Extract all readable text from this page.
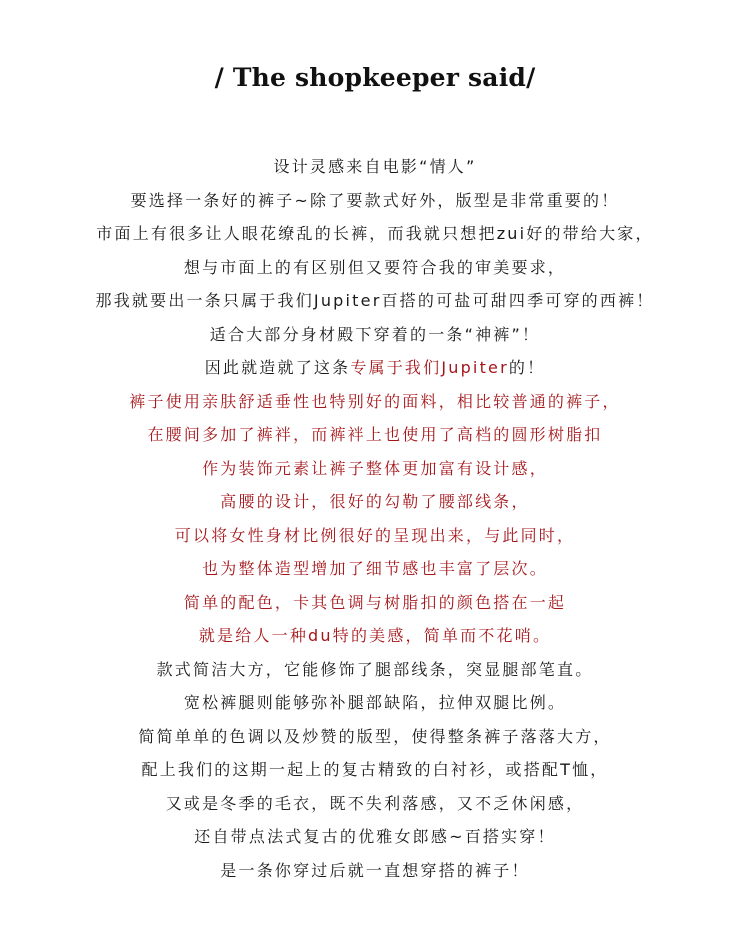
/ The shopkeeper said/
设计灵感来自电影“情人”
要选择一条好的裤子~除了要款式好外，版型是非常重要的！
市面上有很多让人眼花缭乱的长裤，而我就只想把zui好的带给大家，
想与市面上的有区别但又要符合我的审美要求，
那我就要出一条只属于我们Jupiter百搭的可盐可甜四季可穿的西裤！
适合大部分身材殿下穿着的一条“神裤”！
因此就造就了这条专属于我们Jupiter的！
裤子使用亲肤舒适垂性也特别好的面料，相比较普通的裤子，
在腰间多加了裤袢，而裤袢上也使用了高档的圆形树脂扣
作为装饰元素让裤子整体更加富有设计感，
高腰的设计，很好的勾勒了腰部线条，
可以将女性身材比例很好的呈现出来，与此同时，
也为整体造型增加了细节感也丰富了层次。
简单的配色，卡其色调与树脂扣的颜色搭在一起
就是给人一种du特的美感，简单而不花哨。
款式简洁大方，它能修饰了腿部线条，突显腿部笔直。
宽松裤腿则能够弥补腿部缺陷，拉伸双腿比例。
简简单单的色调以及炒赞的版型，使得整条裤子落落大方，
配上我们的这期一起上的复古精致的白衬衫，或搭配T恤，
又或是冬季的毛衣，既不失利落感，又不乏休闲感，
还自带点法式复古的优雅女郎感~百搭实穿！
是一条你穿过后就一直想穿搭的裤子！
